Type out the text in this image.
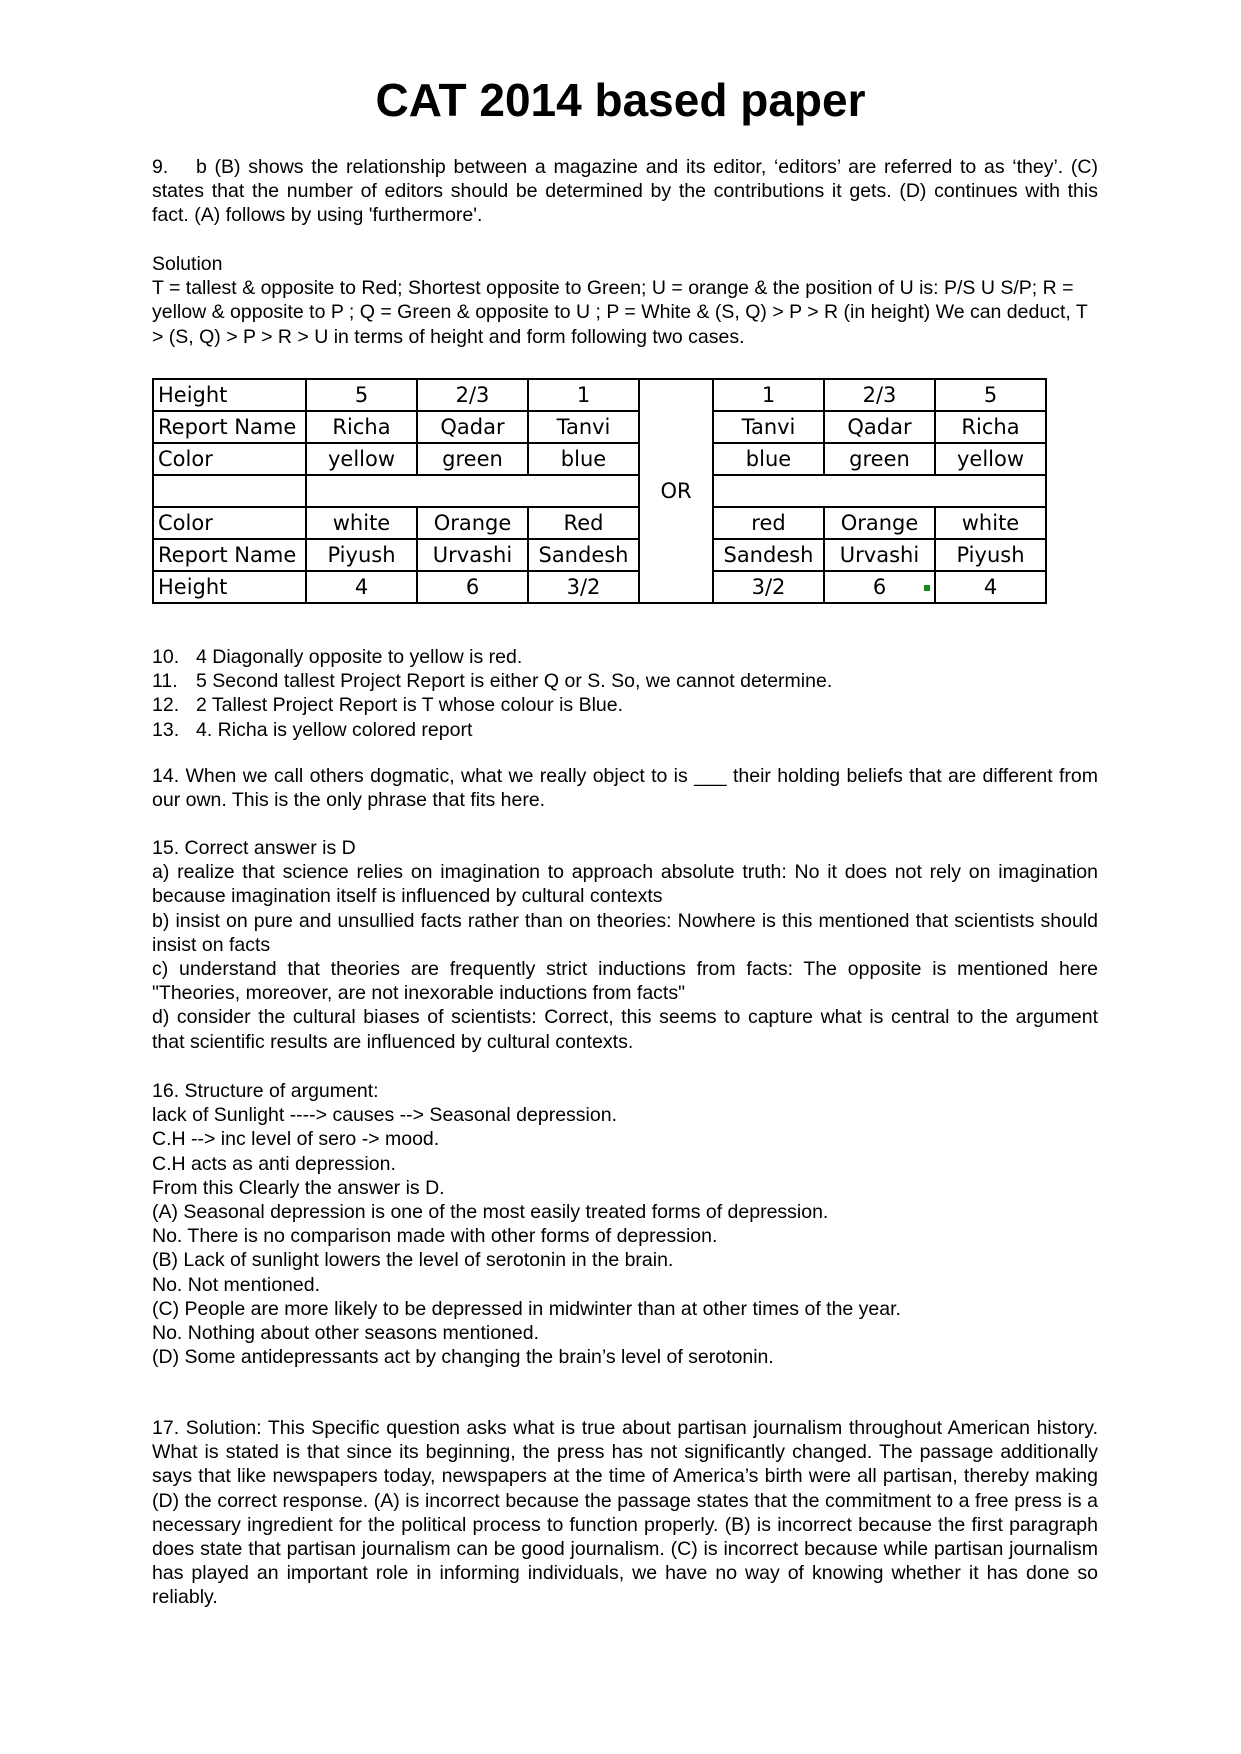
CAT 2014 based paper

9. b (B) shows the relationship between a magazine and its editor, ‘editors’ are referred to as ‘they’. (C) states that the number of editors should be determined by the contributions it gets. (D) continues with this fact. (A) follows by using 'furthermore'.

Solution

T = tallest & opposite to Red; Shortest opposite to Green; U = orange & the position of U is: P/S U S/P; R = yellow & opposite to P ; Q = Green & opposite to U ; P = White & (S, Q) > P > R (in height) We can deduct, T > (S, Q) > P > R > U in terms of height and form following two cases.

Height	5	2/3	1	OR	1	2/3	5
Report Name	Richa	Qadar	Tanvi		Tanvi	Qadar	Richa
Color	yellow	green	blue		blue	green	yellow

Color	white	Orange	Red		red	Orange	white
Report Name	Piyush	Urvashi	Sandesh		Sandesh	Urvashi	Piyush
Height	4	6	3/2		3/2	6	4

10. 4 Diagonally opposite to yellow is red.

11. 5 Second tallest Project Report is either Q or S. So, we cannot determine.

12. 2 Tallest Project Report is T whose colour is Blue.

13. 4. Richa is yellow colored report

14. When we call others dogmatic, what we really object to is ___ their holding beliefs that are different from our own. This is the only phrase that fits here.

15. Correct answer is D

a) realize that science relies on imagination to approach absolute truth: No it does not rely on imagination because imagination itself is influenced by cultural contexts

b) insist on pure and unsullied facts rather than on theories: Nowhere is this mentioned that scientists should insist on facts

c) understand that theories are frequently strict inductions from facts: The opposite is mentioned here "Theories, moreover, are not inexorable inductions from facts"

d) consider the cultural biases of scientists: Correct, this seems to capture what is central to the argument that scientific results are influenced by cultural contexts.

16. Structure of argument:

lack of Sunlight ----> causes --> Seasonal depression.

C.H --> inc level of sero -> mood.

C.H acts as anti depression.

From this Clearly the answer is D.

(A) Seasonal depression is one of the most easily treated forms of depression.

No. There is no comparison made with other forms of depression.

(B) Lack of sunlight lowers the level of serotonin in the brain.

No. Not mentioned.

(C) People are more likely to be depressed in midwinter than at other times of the year.

No. Nothing about other seasons mentioned.

(D) Some antidepressants act by changing the brain’s level of serotonin.

17. Solution: This Specific question asks what is true about partisan journalism throughout American history. What is stated is that since its beginning, the press has not significantly changed. The passage additionally says that like newspapers today, newspapers at the time of America’s birth were all partisan, thereby making (D) the correct response. (A) is incorrect because the passage states that the commitment to a free press is a necessary ingredient for the political process to function properly. (B) is incorrect because the first paragraph does state that partisan journalism can be good journalism. (C) is incorrect because while partisan journalism has played an important role in informing individuals, we have no way of knowing whether it has done so reliably.
